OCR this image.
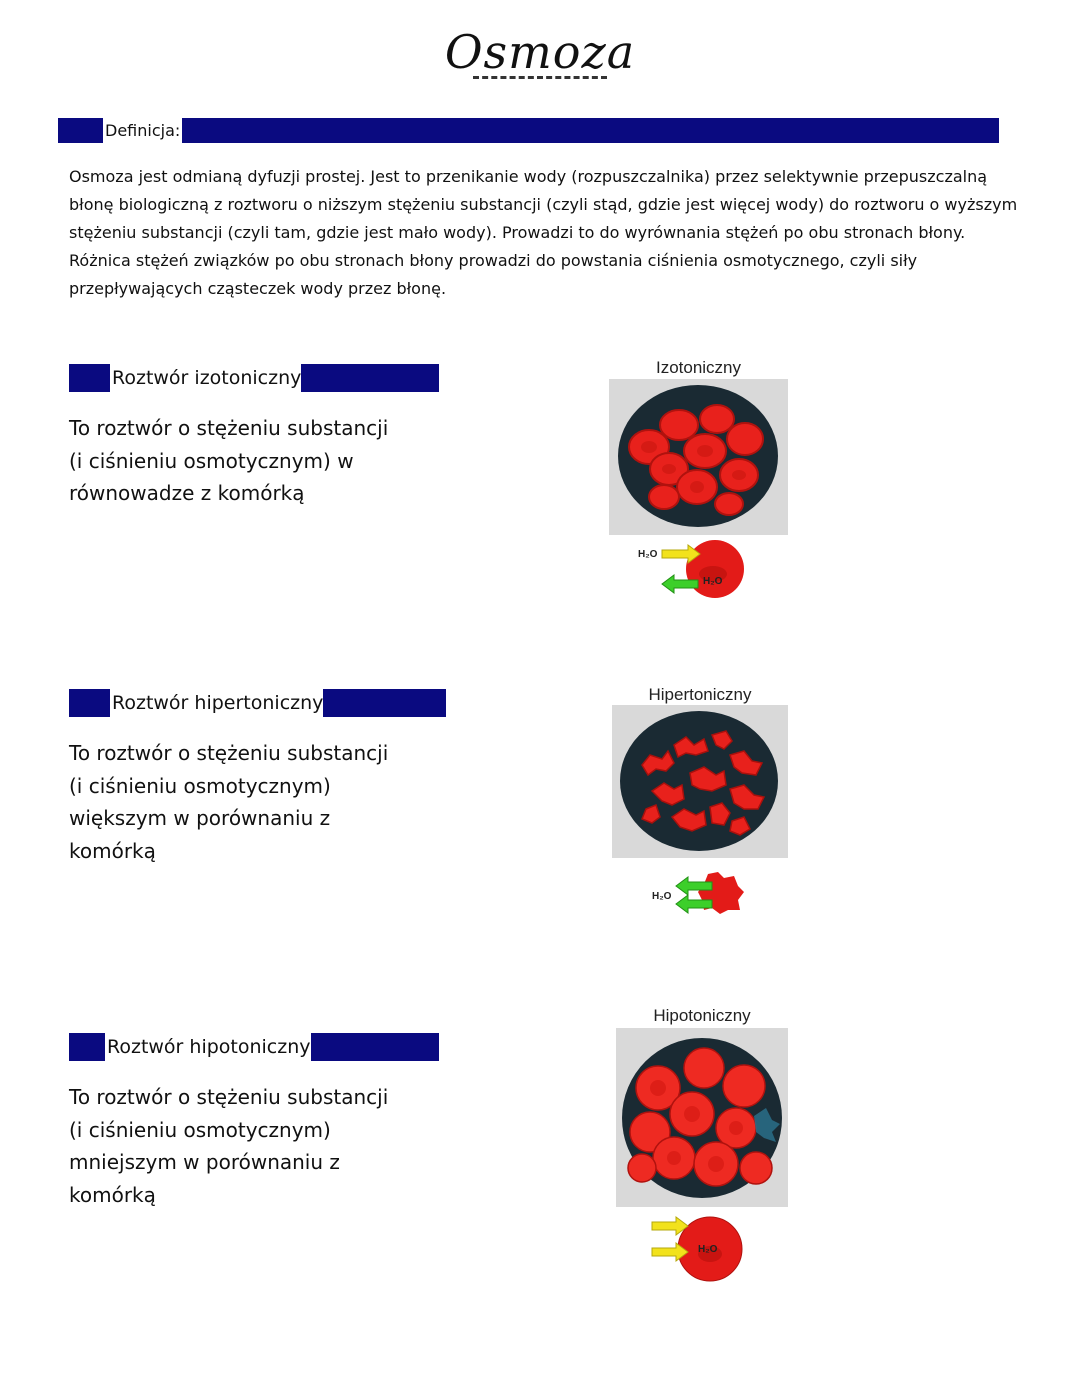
Osmoza
Definicja:

Osmoza jest odmianą dyfuzji prostej. Jest to przenikanie wody (rozpuszczalnika) przez selektywnie przepuszczalną błonę biologiczną z roztworu o niższym stężeniu substancji (czyli stąd, gdzie jest więcej wody) do roztworu o wyższym stężeniu substancji (czyli tam, gdzie jest mało wody). Prowadzi to do wyrównania stężeń po obu stronach błony. Różnica stężeń związków po obu stronach błony prowadzi do powstania ciśnienia osmotycznego, czyli siły przepływających cząsteczek wody przez błonę.

Roztwór izotoniczny
To roztwór o stężeniu substancji
(i ciśnieniu osmotycznym) w
równowadze z komórką
Izotoniczny
H₂O
H₂O
Roztwór hipertoniczny
To roztwór o stężeniu substancji
(i ciśnieniu osmotycznym)
większym w porównaniu z
komórką
Hipertoniczny
H₂O
Roztwór hipotoniczny
To roztwór o stężeniu substancji
(i ciśnieniu osmotycznym)
mniejszym w porównaniu z
komórką
Hipotoniczny
H₂O
